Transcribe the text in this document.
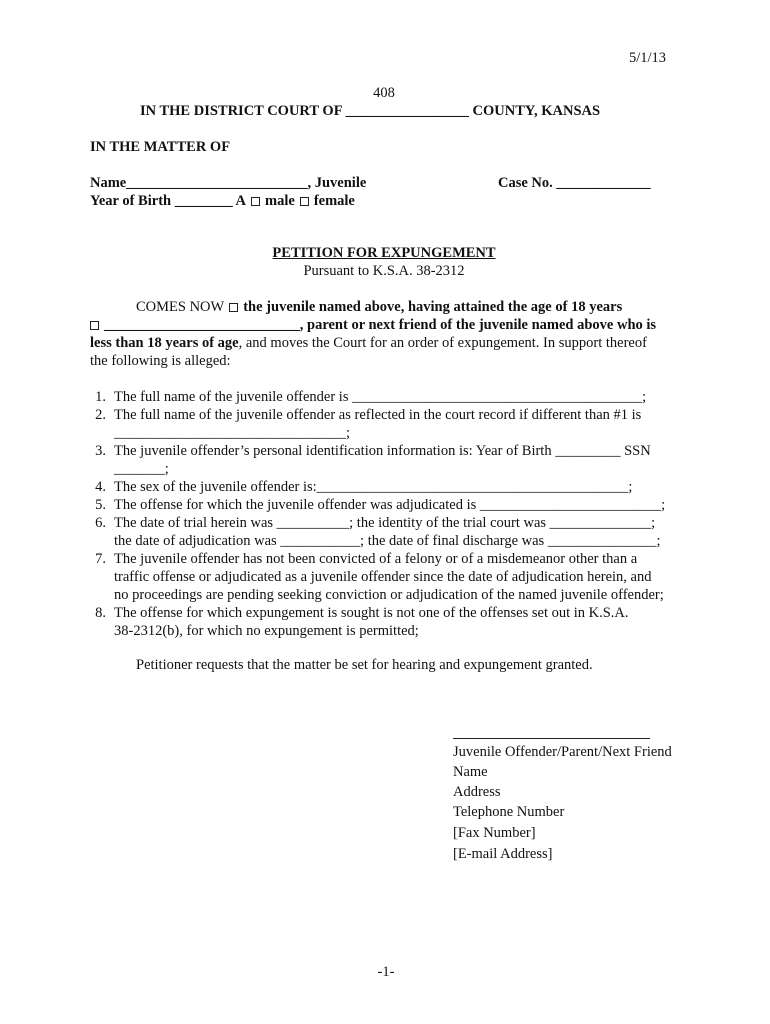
5/1/13
408
IN THE DISTRICT COURT OF _________________ COUNTY, KANSAS
IN THE MATTER OF
Name_________________________, Juvenile	Case No. _____________
Year of Birth ________ A male female
PETITION FOR EXPUNGEMENT
Pursuant to K.S.A. 38-2312
COMES NOW the juvenile named above, having attained the age of 18 years
___________________________, parent or next friend of the juvenile named above who is
less than 18 years of age, and moves the Court for an order of expungement. In support thereof
the following is alleged:
1. The full name of the juvenile offender is ________________________________________;
2. The full name of the juvenile offender as reflected in the court record if different than #1 is
________________________________;
3. The juvenile offender’s personal identification information is: Year of Birth _________ SSN
_______;
4. The sex of the juvenile offender is:___________________________________________;
5. The offense for which the juvenile offender was adjudicated is _________________________;
6. The date of trial herein was __________; the identity of the trial court was ______________;
the date of adjudication was ___________; the date of final discharge was _______________;
7. The juvenile offender has not been convicted of a felony or of a misdemeanor other than a
traffic offense or adjudicated as a juvenile offender since the date of adjudication herein, and
no proceedings are pending seeking conviction or adjudication of the named juvenile offender;
8. The offense for which expungement is sought is not one of the offenses set out in K.S.A.
38-2312(b), for which no expungement is permitted;
Petitioner requests that the matter be set for hearing and expungement granted.
Juvenile Offender/Parent/Next Friend
Name
Address
Telephone Number
[Fax Number]
[E-mail Address]
-1-
